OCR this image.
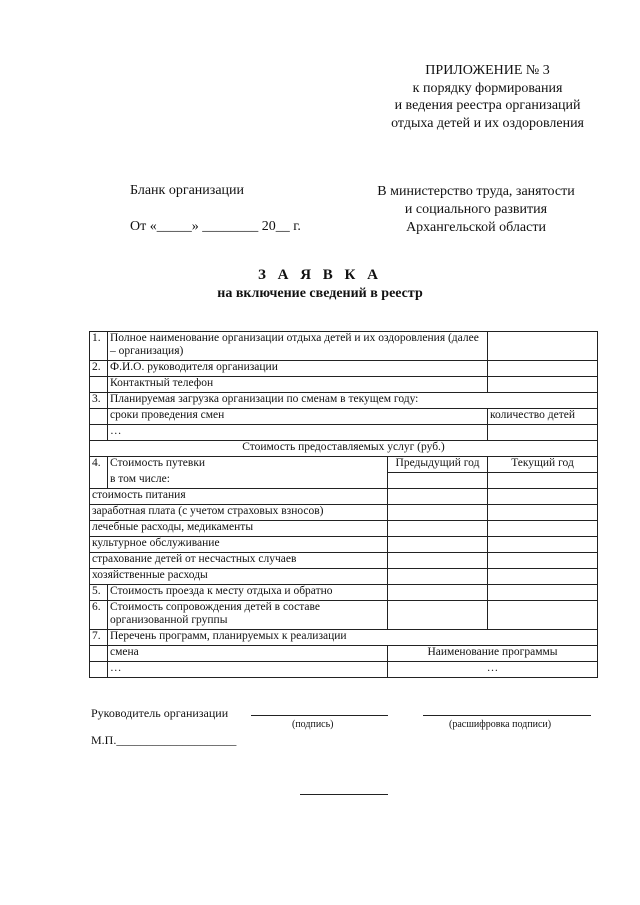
ПРИЛОЖЕНИЕ № 3
к порядку формирования
и ведения реестра организаций
отдыха детей и их оздоровления
Бланк организации
От «_____» ________ 20__ г.
В министерство труда, занятости
и социального развития
Архангельской области
З А Я В К А
на включение сведений в реестр
1.	Полное наименование организации отдыха детей и их оздоровления (далее – организация)		
2.	Ф.И.О. руководителя организации		
	Контактный телефон		
3.	Планируемая загрузка организации по сменам в текущем году:		
	сроки проведения смен		количество детей
	…		
Стоимость предоставляемых услуг (руб.)			
4.	Стоимость путевки	Предыдущий год	Текущий год
	в том числе:		
стоимость питания			
заработная плата (с учетом страховых взносов)			
лечебные расходы, медикаменты			
культурное обслуживание			
страхование детей от несчастных случаев			
хозяйственные расходы			
5.	Стоимость проезда к месту отдыха и обратно		
6.	Стоимость сопровождения детей в составе организованной группы		
7.	Перечень программ, планируемых к реализации		
	смена	Наименование программы	
	…	…	
Руководитель организации
(подпись)	(расшифровка подписи)
М.П.____________________
